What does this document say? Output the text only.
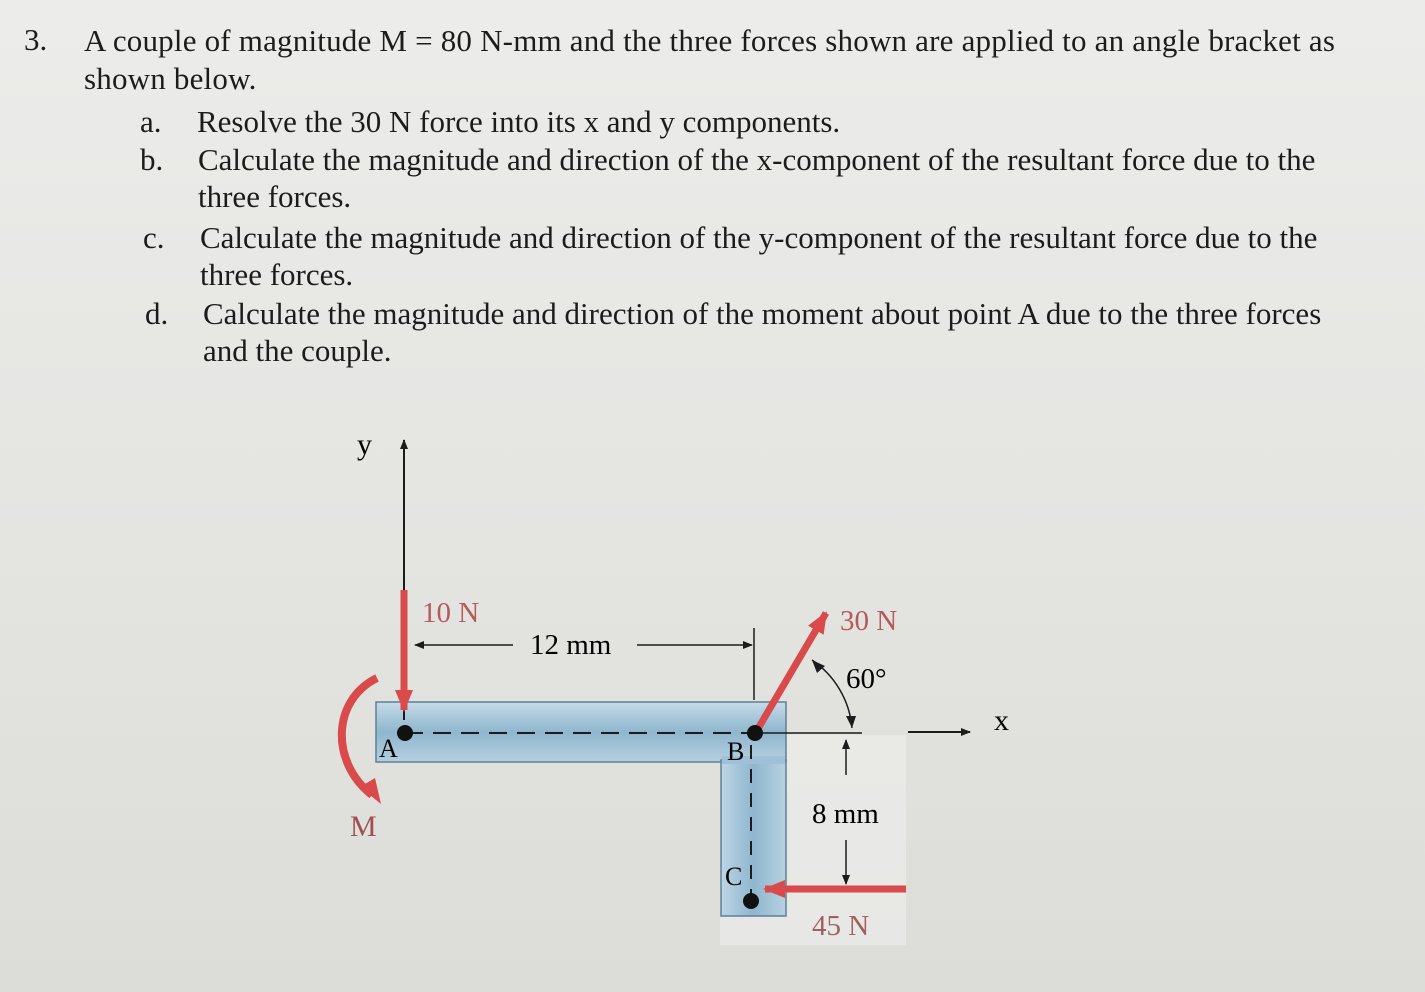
3. A couple of magnitude M = 80 N-mm and the three forces shown are applied to an angle bracket as shown below.
a. Resolve the 30 N force into its x and y components.
b. Calculate the magnitude and direction of the x-component of the resultant force due to the three forces.
c. Calculate the magnitude and direction of the y-component of the resultant force due to the three forces.
d. Calculate the magnitude and direction of the moment about point A due to the three forces and the couple.
y
x
12 mm
10 N
M
30 N
60°
8 mm
45 N
A	B
C
